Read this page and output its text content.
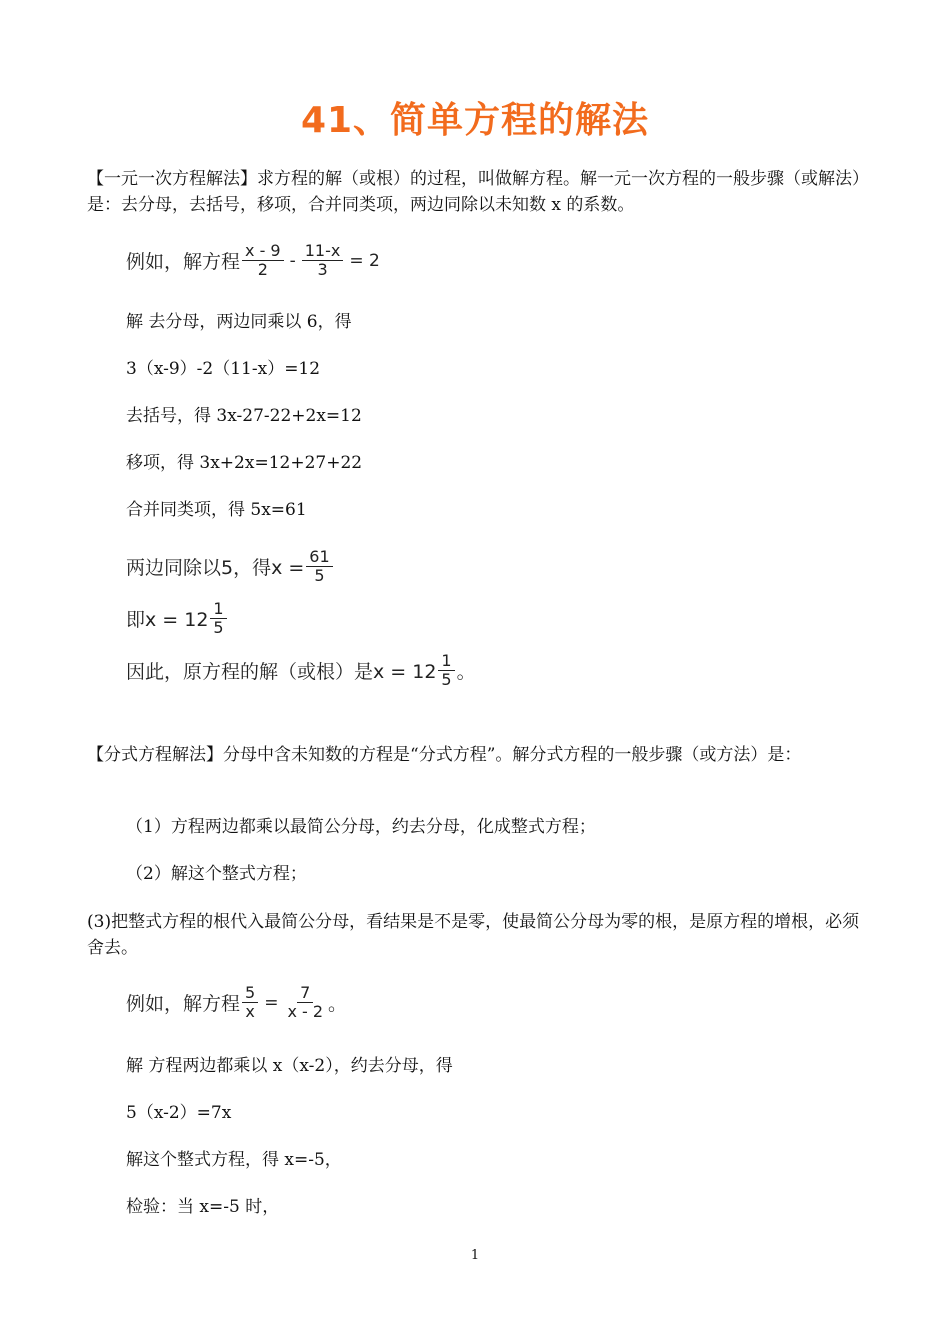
41、简单方程的解法
【一元一次方程解法】求方程的解（或根）的过程，叫做解方程。解一元一次方程的一般步骤（或解法）是：去分母，去括号，移项，合并同类项，两边同除以未知数 x 的系数。
例如，解方程 $\frac{x - 9}{2} - \frac{11-x}{3} = 2$
解 去分母，两边同乘以 6，得
3（x-9）-2（11-x）=12
去括号，得 3x-27-22+2x=12
移项，得 3x+2x=12+27+22
合并同类项，得 5x=61
两边同除以5，得$x = \frac{61}{5}$
即$x = 12 \frac{1}{5}$
因此，原方程的解（或根）是$x = 12 \frac{1}{5}$ 。
【分式方程解法】分母中含未知数的方程是“分式方程”。解分式方程的一般步骤（或方法）是：
（1）方程两边都乘以最简公分母，约去分母，化成整式方程；
（2）解这个整式方程；
(3)把整式方程的根代入最简公分母，看结果是不是零，使最简公分母为零的根，是原方程的增根，必须舍去。
例如，解方程 $\frac{5}{x} = \frac{7}{x - 2}$ 。
解 方程两边都乘以 x（x-2），约去分母，得
5（x-2）=7x
解这个整式方程，得 x=-5，
检验：当 x=-5 时，
1
